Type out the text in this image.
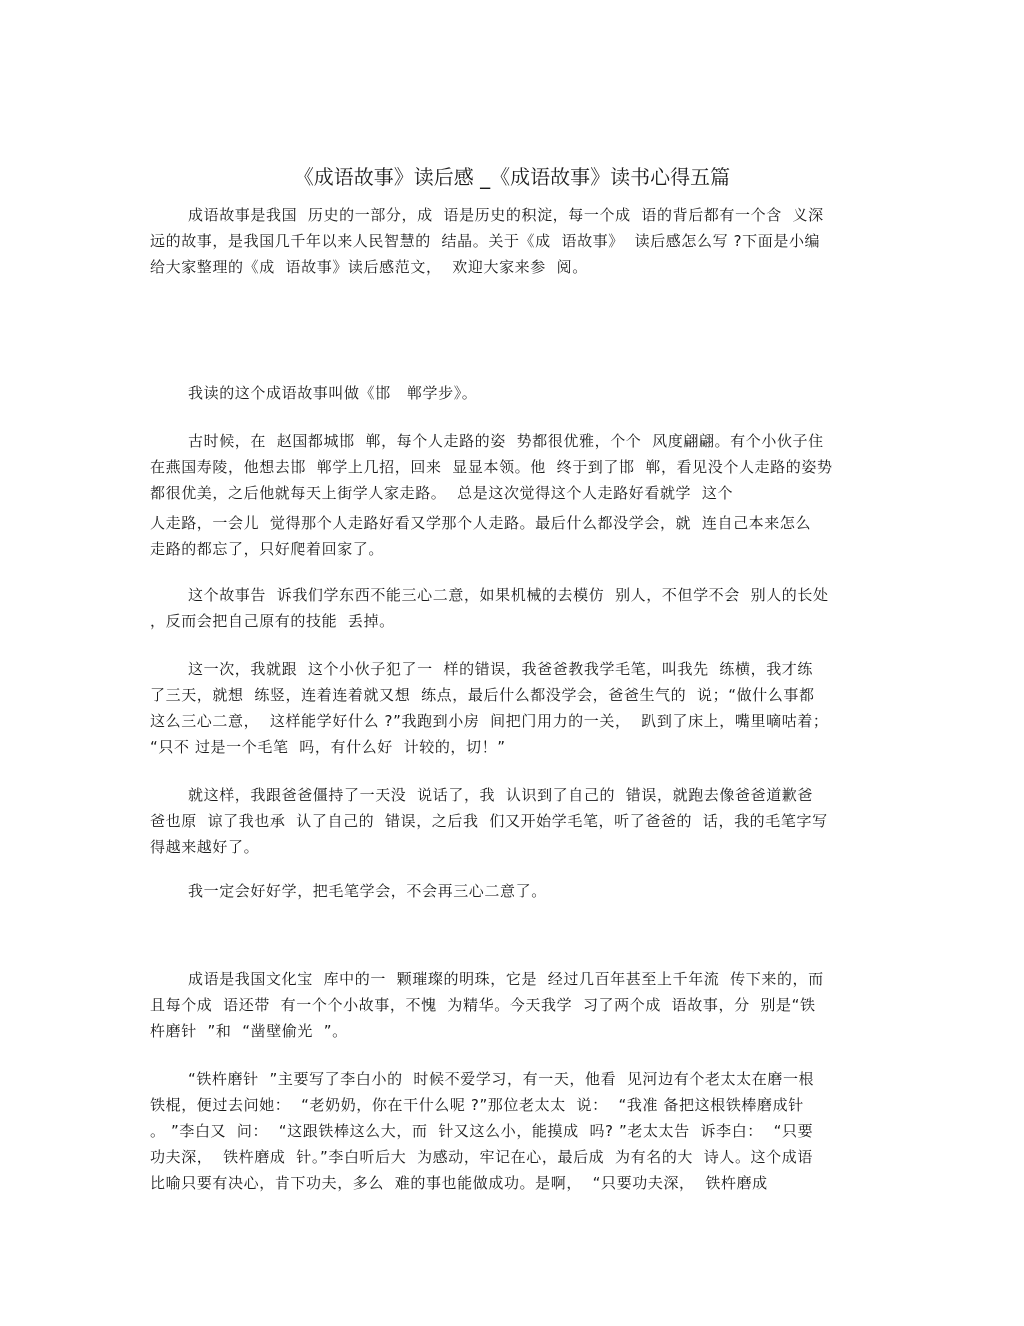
《成语故事》读后感 _《成语故事》读书心得五篇
成语故事是我国  历史的一部分，成  语是历史的积淀，每一个成  语的背后都有一个含  义深
远的故事，是我国几千年以来人民智慧的  结晶。关于《成  语故事》  读后感怎么写 ?下面是小编
给大家整理的《成  语故事》读后感范文，  欢迎大家来参  阅。
我读的这个成语故事叫做《邯   郸学步》。
古时候，在  赵国都城邯  郸，每个人走路的姿  势都很优雅，个个  风度翩翩。有个小伙子住
在燕国寿陵，他想去邯  郸学上几招，回来  显显本领。他  终于到了邯  郸，看见没个人走路的姿势
都很优美，之后他就每天上街学人家走路。  总是这次觉得这个人走路好看就学  这个
人走路，一会儿  觉得那个人走路好看又学那个人走路。最后什么都没学会，就  连自己本来怎么
走路的都忘了，只好爬着回家了。
这个故事告  诉我们学东西不能三心二意，如果机械的去模仿  别人，不但学不会  别人的长处
，反而会把自己原有的技能  丢掉。
这一次，我就跟  这个小伙子犯了一  样的错误，我爸爸教我学毛笔，叫我先  练横，我才练
了三天，就想  练竖，连着连着就又想  练点，最后什么都没学会，爸爸生气的  说；“做什么事都
这么三心二意，  这样能学好什么 ?”我跑到小房  间把门用力的一关，  趴到了床上，嘴里嘀咕着；
“只不 过是一个毛笔  吗，有什么好  计较的，切！”
就这样，我跟爸爸僵持了一天没  说话了，我  认识到了自己的  错误，就跑去像爸爸道歉爸
爸也原  谅了我也承  认了自己的  错误，之后我  们又开始学毛笔，听了爸爸的  话，我的毛笔字写
得越来越好了。
我一定会好好学，把毛笔学会，不会再三心二意了。
成语是我国文化宝  库中的一  颗璀璨的明珠，它是  经过几百年甚至上千年流  传下来的，而
且每个成  语还带  有一个个小故事，不愧  为精华。今天我学  习了两个成  语故事，分  别是“铁
杵磨针  ”和  “凿壁偷光  ”。
“铁杵磨针  ”主要写了李白小的  时候不爱学习，有一天，他看  见河边有个老太太在磨一根
铁棍，便过去问她：  “老奶奶，你在干什么呢 ?”那位老太太  说：  “我准 备把这根铁棒磨成针
。 ”李白又  问：  “这跟铁棒这么大，而  针又这么小，能摸成  吗? ”老太太告  诉李白：  “只要
功夫深，  铁杵磨成  针。”李白听后大  为感动，牢记在心，最后成  为有名的大  诗人。这个成语
比喻只要有决心，肯下功夫，多么  难的事也能做成功。是啊，  “只要功夫深，  铁杵磨成
